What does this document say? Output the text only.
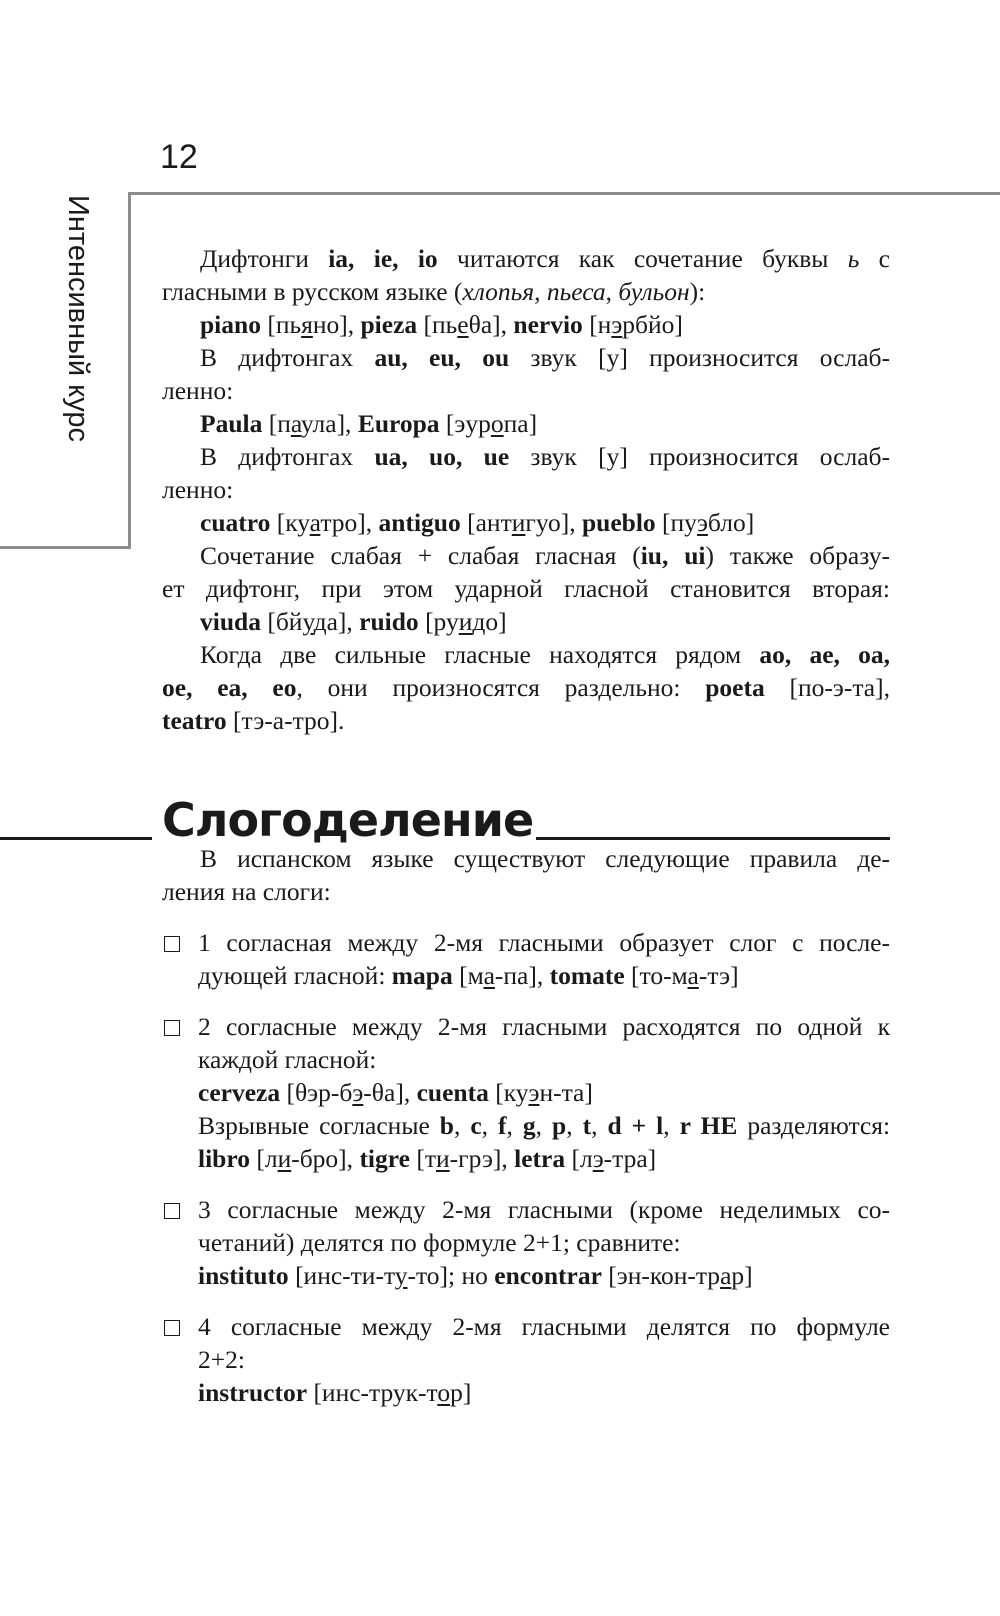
12
Интенсивный курс	Дифтонги ia, ie, io читаются как сочетание буквы ь с
гласными в русском языке (хлопья, пьеса, бульон):
piano [пьяно], pieza [пьеθа], nervio [нэрбйо]
В дифтонгах au, eu, ou звук [у] произносится ослаб-
ленно:
Paula [паула], Europa [эуропа]
В дифтонгах ua, uo, ue звук [у] произносится ослаб-
ленно:
cuatro [куатро], antiguo [антигуо], pueblo [пуэбло]
Сочетание слабая + слабая гласная (iu, ui) также образу-
ет дифтонг, при этом ударной гласной становится вторая:
viuda [бйуда], ruido [руидо]
Когда две сильные гласные находятся рядом ao, ae, oa,
oe, ea, eo, они произносятся раздельно: poeta [по-э-та],
teatro [тэ-а-тро].
Слогоделение
В испанском языке существуют следующие правила де-
ления на слоги:
1 согласная между 2-мя гласными образует слог с после-
дующей гласной: mapa [ма-па], tomate [то-ма-тэ]
2 согласные между 2-мя гласными расходятся по одной к
каждой гласной:
cerveza [θэр-бэ-θа], cuenta [куэн-та]
Взрывные согласные b, c, f, g, p, t, d + l, r НЕ разделяются:
libro [ли-бро], tigre [ти-грэ], letra [лэ-тра]
3 согласные между 2-мя гласными (кроме неделимых со-
четаний) делятся по формуле 2+1; сравните:
instituto [инс-ти-ту-то]; но encontrar [эн-кон-трар]
4 согласные между 2-мя гласными делятся по формуле
2+2:
instructor [инс-трук-тор]
